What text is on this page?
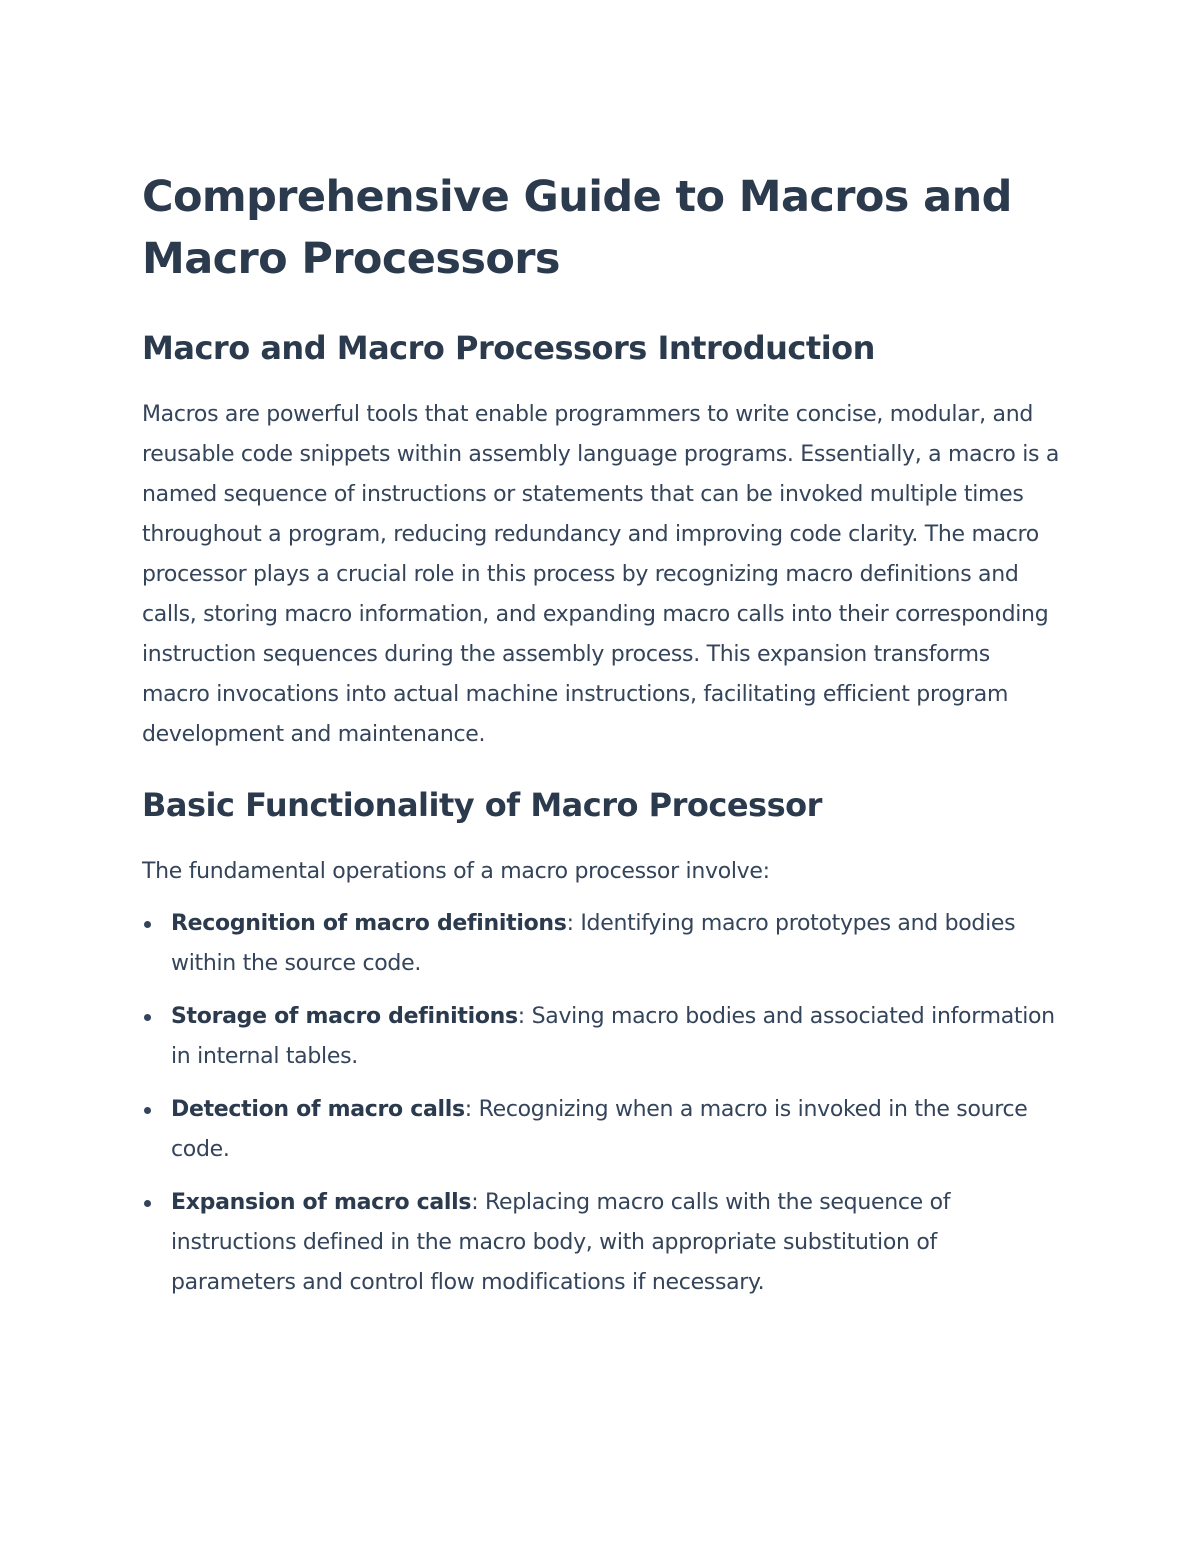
Comprehensive Guide to Macros and Macro Processors
Macro and Macro Processors Introduction

Macros are powerful tools that enable programmers to write concise, modular, and reusable code snippets within assembly language programs. Essentially, a macro is a named sequence of instructions or statements that can be invoked multiple times throughout a program, reducing redundancy and improving code clarity. The macro processor plays a crucial role in this process by recognizing macro definitions and calls, storing macro information, and expanding macro calls into their corresponding instruction sequences during the assembly process. This expansion transforms macro invocations into actual machine instructions, facilitating efficient program development and maintenance.

Basic Functionality of Macro Processor

The fundamental operations of a macro processor involve:

Recognition of macro definitions: Identifying macro prototypes and bodies within the source code.
Storage of macro definitions: Saving macro bodies and associated information in internal tables.
Detection of macro calls: Recognizing when a macro is invoked in the source code.
Expansion of macro calls: Replacing macro calls with the sequence of instructions defined in the macro body, with appropriate substitution of parameters and control flow modifications if necessary.
